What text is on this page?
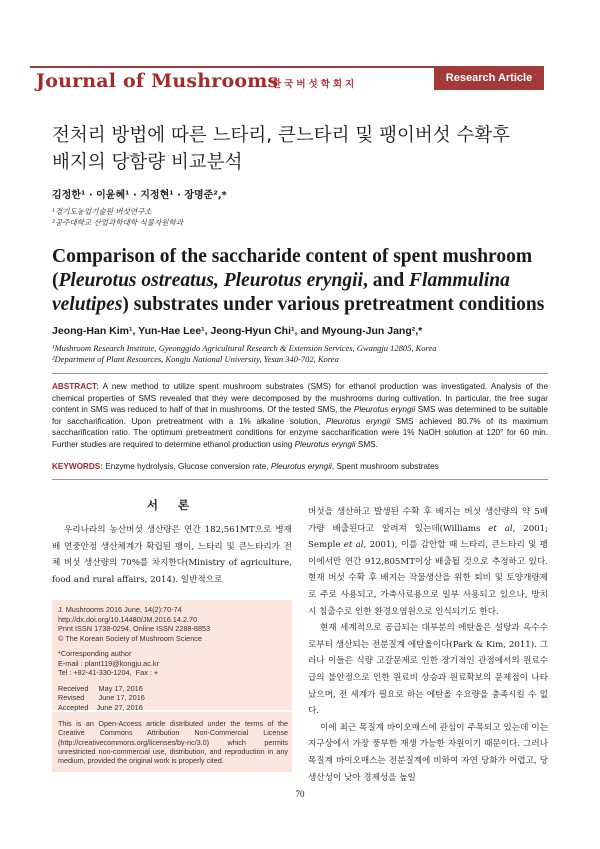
Journal of Mushrooms
한국버섯학회지
Research Article
전처리 방법에 따른 느타리, 큰느타리 및 팽이버섯 수확후
배지의 당함량 비교분석
김정한¹ · 이윤혜¹ · 지정현¹ · 장명준²,*
¹경기도농업기술원 버섯연구소
²공주대학교 산업과학대학 식물자원학과
Comparison of the saccharide content of spent mushroom
(Pleurotus ostreatus, Pleurotus eryngii, and Flammulina
velutipes) substrates under various pretreatment conditions
Jeong-Han Kim¹, Yun-Hae Lee¹, Jeong-Hyun Chi¹, and Myoung-Jun Jang²,*
¹Mushroom Research Institute, Gyeonggido Agricultural Research & Extension Services, Gwangju 12805, Korea
²Department of Plant Resources, Kongju National University, Yesan 340-702, Korea
ABSTRACT: A new method to utilize spent mushroom substrates (SMS) for ethanol production was investigated. Analysis of the chemical properties of SMS revealed that they were decomposed by the mushrooms during cultivation. In particular, the free sugar content in SMS was reduced to half of that in mushrooms. Of the tested SMS, the Pleurotus eryngii SMS was determined to be suitable for saccharification. Upon pretreatment with a 1% alkaline solution, Pleurotus eryngii SMS achieved 80.7% of its maximum saccharification ratio. The optimum pretreatment conditions for enzyme saccharification were 1% NaOH solution at 120° for 60 min. Further studies are required to determine ethanol production using Pleurotus eryngii SMS.
KEYWORDS: Enzyme hydrolysis, Glucose conversion rate, Pleurotus eryngii, Spent mushroom substrates
서 론

우리나라의 농산버섯 생산량은 연간 182,561MT으로 병재배 연중안정 생산체계가 확립된 팽이, 느타리 및 큰느타리가 전체 버섯 생산량의 70%를 차지한다(Ministry of agriculture, food and rural affairs, 2014). 일반적으로

J. Mushrooms 2016 June, 14(2):70-74
http://dx.doi.org/10.14480/JM.2016.14.2.70
Print ISSN 1738-0294, Online ISSN 2288-8853
© The Korean Society of Mushroom Science
*Corresponding author
E-mail : plant119@kongju.ac.kr
Tel : +82-41-330-1204,  Fax : +
Received     May 17, 2016
Revised       June 17, 2016
Accepted    June 27, 2016
This is an Open-Access article distributed under the terms of the Creative Commons Attribution Non-Commercial License (http://creativecommons.org/licenses/by-nc/3.0) which permits unrestricted non-commercial use, distribution, and reproduction in any medium, provided the original work is properly cited.

버섯을 생산하고 발생된 수확 후 배지는 버섯 생산량의 약 5배 가량 배출된다고 알려져 있는데(Williams et al, 2001; Semple et al, 2001), 이를 감안할 때 느타리, 큰느타리 및 팽이에서만 연간 912,805MT이상 배출될 것으로 추정하고 있다. 현재 버섯 수확 후 배지는 작물생산을 위한 퇴비 및 토양개량제로 주로 사용되고, 가축사료용으로 일부 사용되고 있으나, 방치시 침출수로 인한 환경오염원으로 인식되기도 한다.

현재 세계적으로 공급되는 대부분의 에탄올은 설탕과 옥수수로부터 생산되는 전분질계 에탄올이다(Park & Kim, 2011). 그러나 이들은 식량 고갈문제로 인한 장기적인 관점에서의 원료수급의 불안정으로 인한 원료비 상승과 원료확보의 문제점이 나타났으며, 전 세계가 필요로 하는 에탄올 수요량을 충족시킬 수 없다.

이에 최근 목질계 바이오매스에 관심이 주목되고 있는데 이는 지구상에서 가장 풍부한 재생 가능한 자원이기 때문이다. 그러나 목질계 바이오매스는 전분질계에 비하여 자연 당화가 어렵고, 당 생산성이 낮아 경제성을 높일

70
